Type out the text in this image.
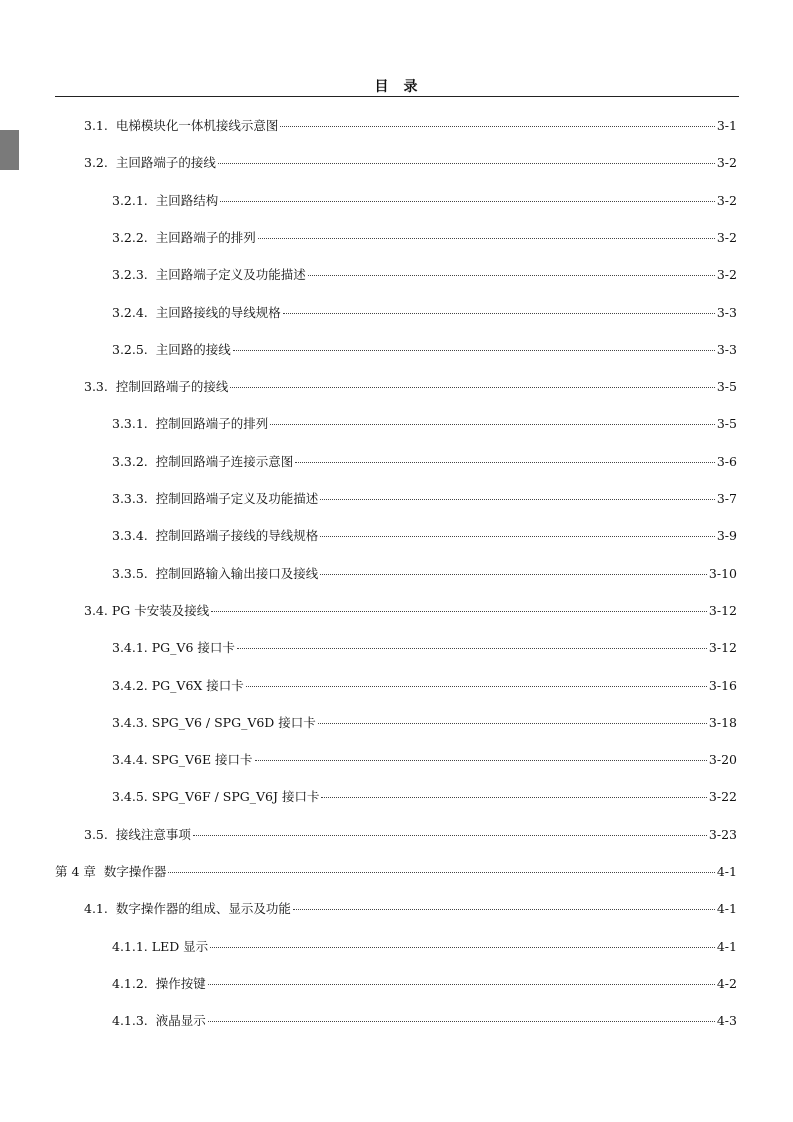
目 录
3.1. 电梯模块化一体机接线示意图	3-1
3.2. 主回路端子的接线	3-2
3.2.1. 主回路结构	3-2
3.2.2. 主回路端子的排列	3-2
3.2.3. 主回路端子定义及功能描述	3-2
3.2.4. 主回路接线的导线规格	3-3
3.2.5. 主回路的接线	3-3
3.3. 控制回路端子的接线	3-5
3.3.1. 控制回路端子的排列	3-5
3.3.2. 控制回路端子连接示意图	3-6
3.3.3. 控制回路端子定义及功能描述	3-7
3.3.4. 控制回路端子接线的导线规格	3-9
3.3.5. 控制回路输入输出接口及接线	3-10
3.4. PG 卡安装及接线	3-12
3.4.1. PG_V6 接口卡	3-12
3.4.2. PG_V6X 接口卡	3-16
3.4.3. SPG_V6 / SPG_V6D 接口卡	3-18
3.4.4. SPG_V6E 接口卡	3-20
3.4.5. SPG_V6F / SPG_V6J 接口卡	3-22
3.5. 接线注意事项	3-23
第 4 章 数字操作器	4-1
4.1. 数字操作器的组成、显示及功能	4-1
4.1.1. LED 显示	4-1
4.1.2. 操作按键	4-2
4.1.3. 液晶显示	4-3
